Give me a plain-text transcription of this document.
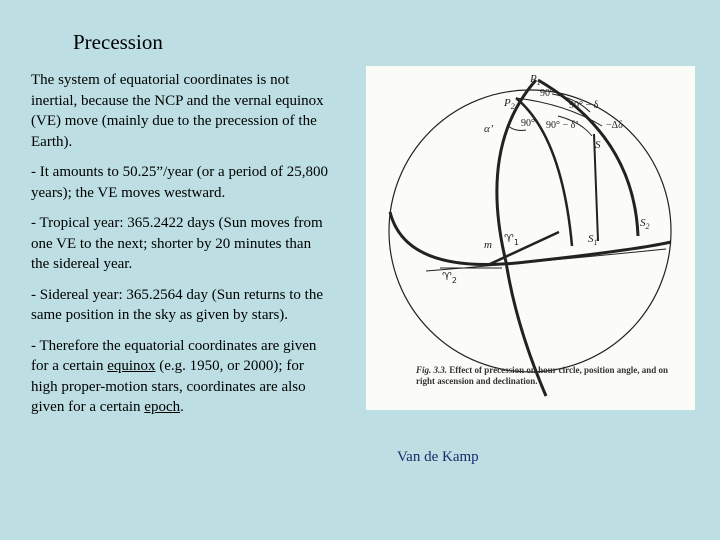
Precession

The system of equatorial coordinates is not inertial, because the NCP and the vernal equinox (VE) move (mainly due to the precession of the Earth).

- It amounts to 50.25”/year (or a period of 25,800 years); the VE moves westward.

- Tropical year: 365.2422 days (Sun moves from one VE to the next; shorter by 20 minutes than the sidereal year.

- Sidereal year: 365.2564 day (Sun returns to the same position in the sky as given by stars).

- Therefore the equatorial coordinates are given for a certain equinox (e.g. 1950, or 2000); for high proper-motion stars, coordinates are also given for a certain epoch.

$P_1$
$P_2$
α’
90°
90° − δ
90° 90° − δ’	−Δδ
S
$S_2$
$S_1$
m $♈_1$
$♈_2$
Fig. 3.3. Effect of precession on hour circle, position angle, and on right ascension and declination.
Van de Kamp
